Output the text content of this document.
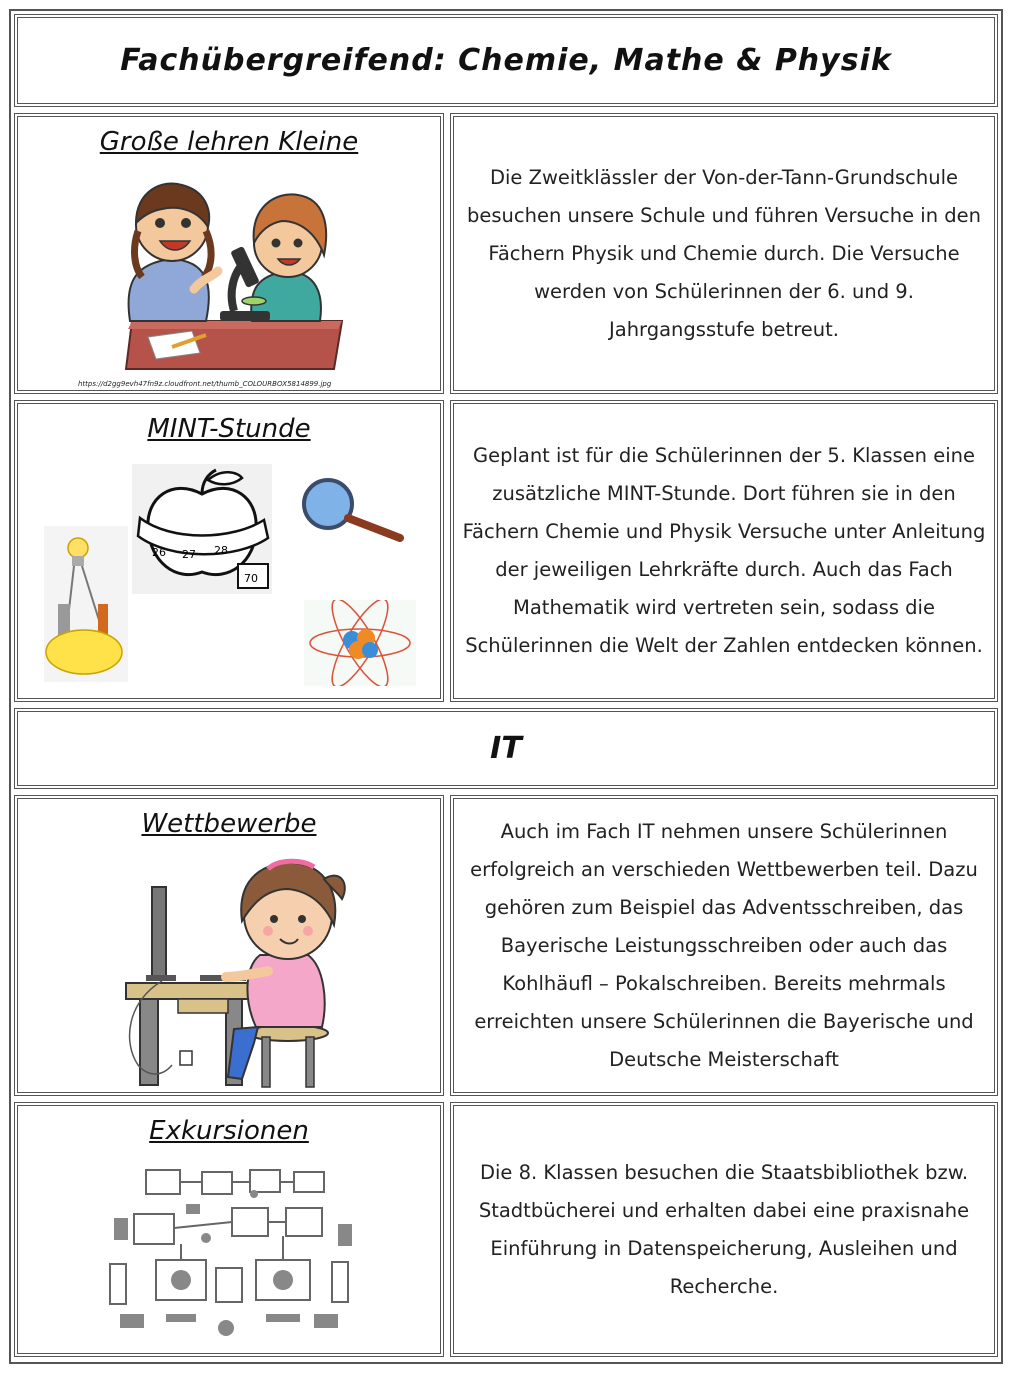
Fachübergreifend: Chemie, Mathe & Physik
Große lehren Kleine
https://d2gg9evh47fn9z.cloudfront.net/thumb_COLOURBOX5814899.jpg

Die Zweitklässler der Von-der-Tann-Grundschule besuchen unsere Schule und führen Versuche in den Fächern Physik und Chemie durch. Die Versuche werden von Schülerinnen der 6. und 9. Jahrgangsstufe betreut.

MINT-Stunde
26 27 28
70

Geplant ist für die Schülerinnen der 5. Klassen eine zusätzliche MINT-Stunde. Dort führen sie in den Fächern Chemie und Physik Versuche unter Anleitung der jeweiligen Lehrkräfte durch. Auch das Fach Mathematik wird vertreten sein, sodass die Schülerinnen die Welt der Zahlen entdecken können.

IT
Wettbewerbe	Auch im Fach IT nehmen unsere Schülerinnen erfolgreich an verschieden Wettbewerben teil. Dazu gehören zum Beispiel das Adventsschreiben, das Bayerische Leistungsschreiben oder auch das Kohlhäufl – Pokalschreiben. Bereits mehrmals erreichten unsere Schülerinnen die Bayerische und Deutsche Meisterschaft

Exkursionen

Die 8. Klassen besuchen die Staatsbibliothek bzw. Stadtbücherei und erhalten dabei eine praxisnahe Einführung in Datenspeicherung, Ausleihen und Recherche.
